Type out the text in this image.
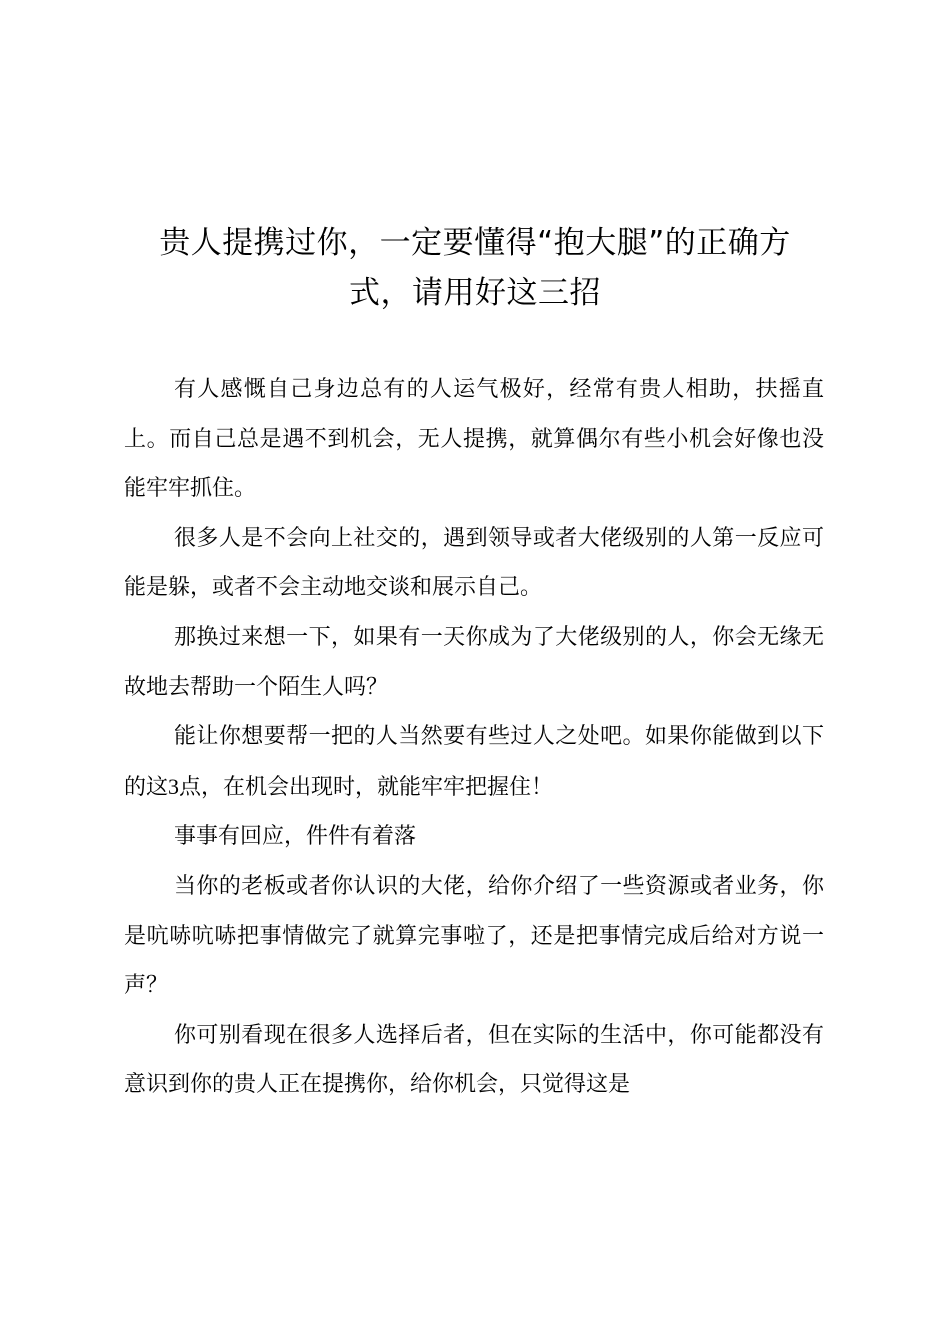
贵人提携过你，一定要懂得“抱大腿”的正确方
式，请用好这三招

有人感慨自己身边总有的人运气极好，经常有贵人相助，扶摇直上。而自己总是遇不到机会，无人提携，就算偶尔有些小机会好像也没能牢牢抓住。

很多人是不会向上社交的，遇到领导或者大佬级别的人第一反应可能是躲，或者不会主动地交谈和展示自己。

那换过来想一下，如果有一天你成为了大佬级别的人，你会无缘无故地去帮助一个陌生人吗？

能让你想要帮一把的人当然要有些过人之处吧。如果你能做到以下的这3点，在机会出现时，就能牢牢把握住！

事事有回应，件件有着落

当你的老板或者你认识的大佬，给你介绍了一些资源或者业务，你是吭哧吭哧把事情做完了就算完事啦了，还是把事情完成后给对方说一声？

你可别看现在很多人选择后者，但在实际的生活中，你可能都没有意识到你的贵人正在提携你，给你机会，只觉得这是
